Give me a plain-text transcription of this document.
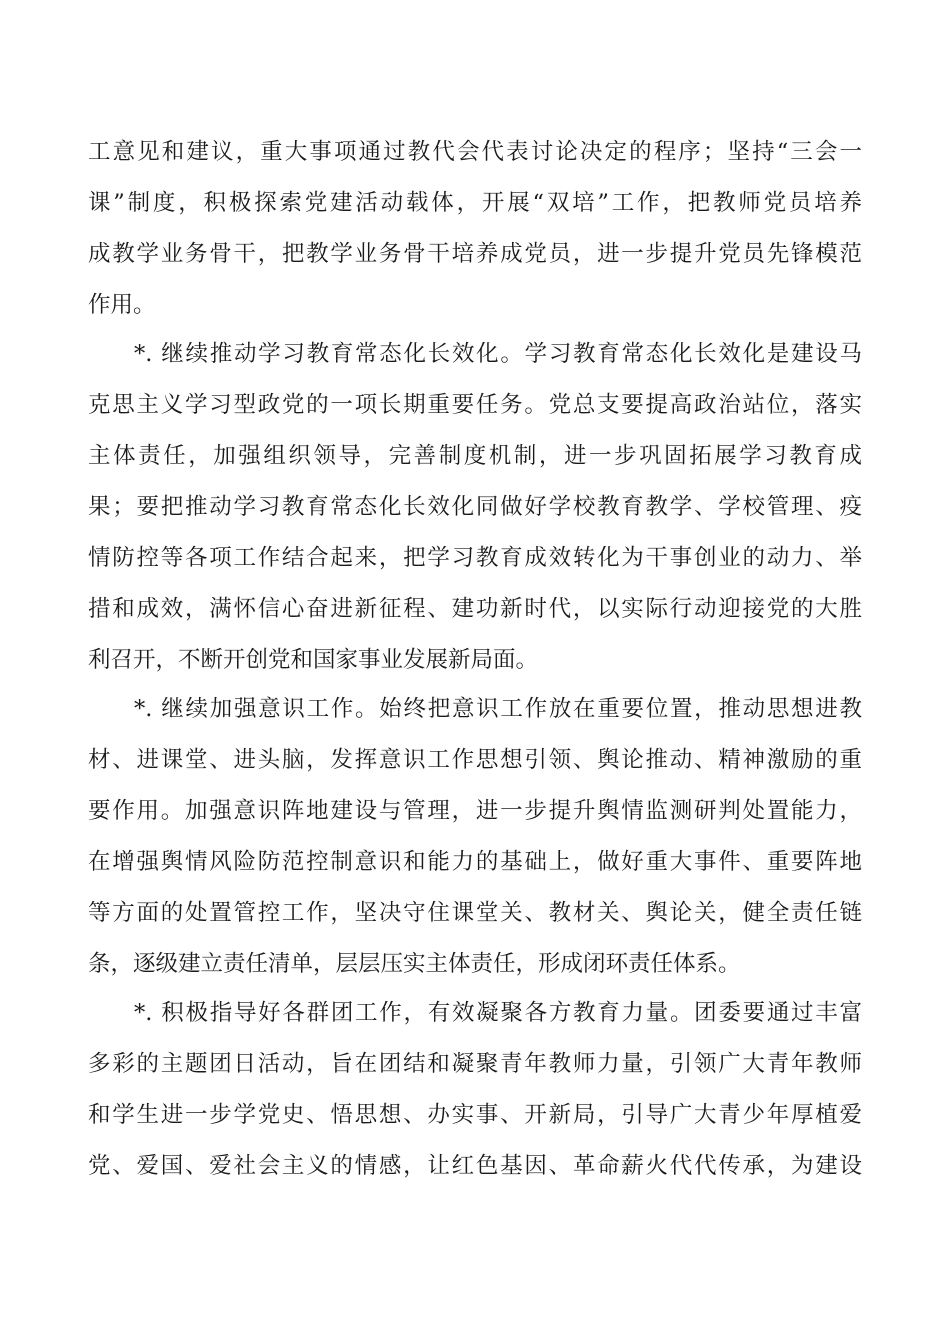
工意见和建议，重大事项通过教代会代表讨论决定的程序；坚持“三会一
课”制度，积极探索党建活动载体，开展“双培”工作，把教师党员培养
成教学业务骨干，把教学业务骨干培养成党员，进一步提升党员先锋模范
作用。
*. 继续推动学习教育常态化长效化。学习教育常态化长效化是建设马
克思主义学习型政党的一项长期重要任务。党总支要提高政治站位，落实
主体责任，加强组织领导，完善制度机制，进一步巩固拓展学习教育成
果；要把推动学习教育常态化长效化同做好学校教育教学、学校管理、疫
情防控等各项工作结合起来，把学习教育成效转化为干事创业的动力、举
措和成效，满怀信心奋进新征程、建功新时代，以实际行动迎接党的大胜
利召开，不断开创党和国家事业发展新局面。
*. 继续加强意识工作。始终把意识工作放在重要位置，推动思想进教
材、进课堂、进头脑，发挥意识工作思想引领、舆论推动、精神激励的重
要作用。加强意识阵地建设与管理，进一步提升舆情监测研判处置能力，
在增强舆情风险防范控制意识和能力的基础上，做好重大事件、重要阵地
等方面的处置管控工作，坚决守住课堂关、教材关、舆论关，健全责任链
条，逐级建立责任清单，层层压实主体责任，形成闭环责任体系。
*. 积极指导好各群团工作，有效凝聚各方教育力量。团委要通过丰富
多彩的主题团日活动，旨在团结和凝聚青年教师力量，引领广大青年教师
和学生进一步学党史、悟思想、办实事、开新局，引导广大青少年厚植爱
党、爱国、爱社会主义的情感，让红色基因、革命薪火代代传承，为建设
